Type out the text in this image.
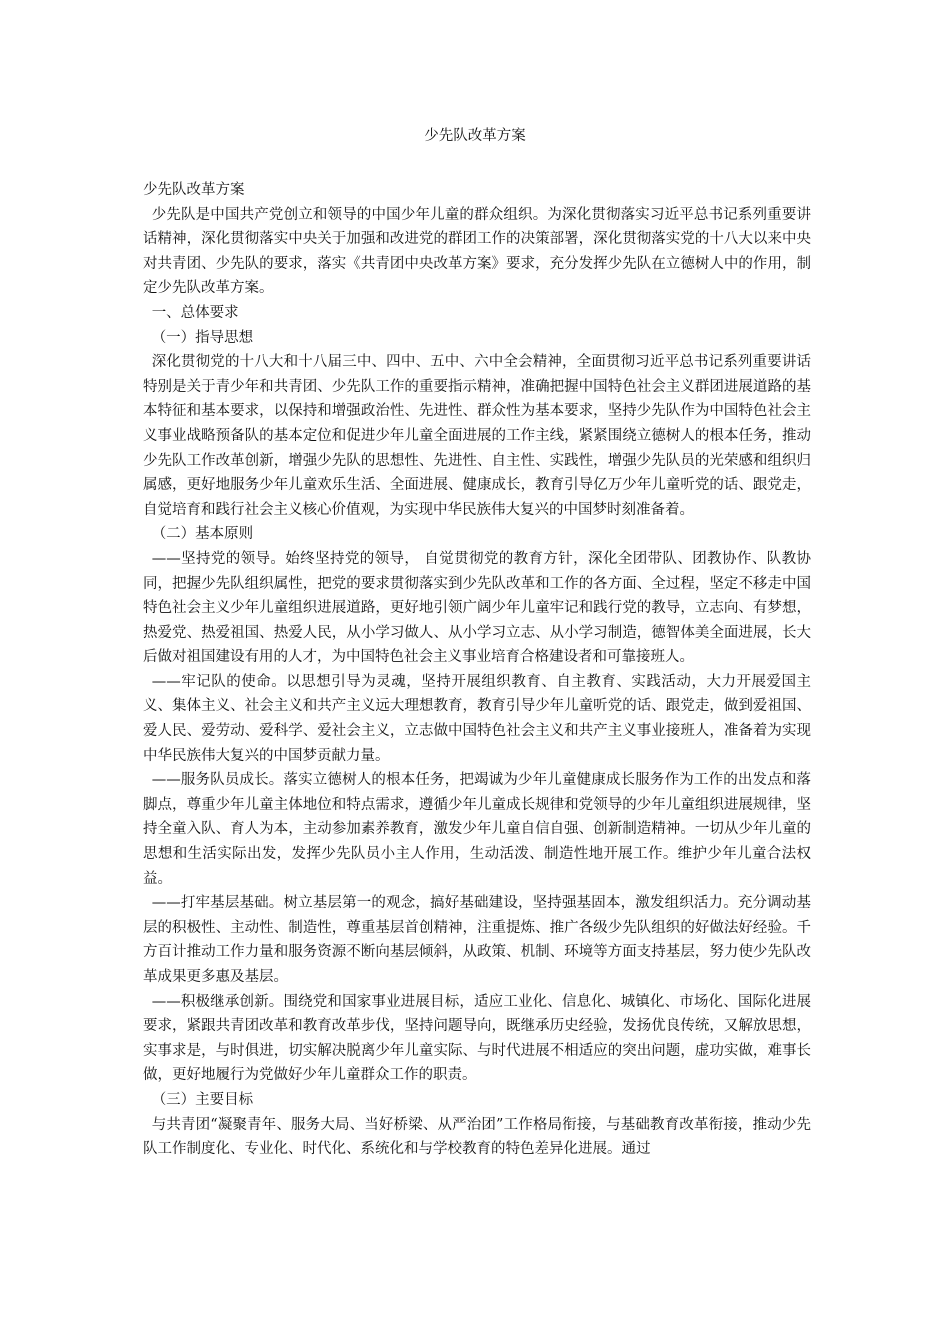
少先队改革方案

少先队改革方案

少先队是中国共产党创立和领导的中国少年儿童的群众组织。为深化贯彻落实习近平总书记系列重要讲话精神，深化贯彻落实中央关于加强和改进党的群团工作的决策部署，深化贯彻落实党的十八大以来中央对共青团、少先队的要求，落实《共青团中央改革方案》要求，充分发挥少先队在立德树人中的作用，制定少先队改革方案。

一、总体要求

（一）指导思想

深化贯彻党的十八大和十八届三中、四中、五中、六中全会精神，全面贯彻习近平总书记系列重要讲话特别是关于青少年和共青团、少先队工作的重要指示精神，准确把握中国特色社会主义群团进展道路的基本特征和基本要求，以保持和增强政治性、先进性、群众性为基本要求，坚持少先队作为中国特色社会主义事业战略预备队的基本定位和促进少年儿童全面进展的工作主线，紧紧围绕立德树人的根本任务，推动少先队工作改革创新，增强少先队的思想性、先进性、自主性、实践性，增强少先队员的光荣感和组织归属感，更好地服务少年儿童欢乐生活、全面进展、健康成长，教育引导亿万少年儿童听党的话、跟党走，自觉培育和践行社会主义核心价值观，为实现中华民族伟大复兴的中国梦时刻准备着。

（二）基本原则

——坚持党的领导。始终坚持党的领导， 自觉贯彻党的教育方针，深化全团带队、团教协作、队教协同，把握少先队组织属性，把党的要求贯彻落实到少先队改革和工作的各方面、全过程，坚定不移走中国特色社会主义少年儿童组织进展道路，更好地引领广阔少年儿童牢记和践行党的教导，立志向、有梦想，热爱党、热爱祖国、热爱人民，从小学习做人、从小学习立志、从小学习制造，德智体美全面进展，长大后做对祖国建设有用的人才，为中国特色社会主义事业培育合格建设者和可靠接班人。

——牢记队的使命。以思想引导为灵魂，坚持开展组织教育、自主教育、实践活动，大力开展爱国主义、集体主义、社会主义和共产主义远大理想教育，教育引导少年儿童听党的话、跟党走，做到爱祖国、爱人民、爱劳动、爱科学、爱社会主义，立志做中国特色社会主义和共产主义事业接班人，准备着为实现中华民族伟大复兴的中国梦贡献力量。

——服务队员成长。落实立德树人的根本任务，把竭诚为少年儿童健康成长服务作为工作的出发点和落脚点，尊重少年儿童主体地位和特点需求，遵循少年儿童成长规律和党领导的少年儿童组织进展规律，坚持全童入队、育人为本，主动参加素养教育，激发少年儿童自信自强、创新制造精神。一切从少年儿童的思想和生活实际出发，发挥少先队员小主人作用，生动活泼、制造性地开展工作。维护少年儿童合法权益。

——打牢基层基础。树立基层第一的观念，搞好基础建设，坚持强基固本，激发组织活力。充分调动基层的积极性、主动性、制造性，尊重基层首创精神，注重提炼、推广各级少先队组织的好做法好经验。千方百计推动工作力量和服务资源不断向基层倾斜，从政策、机制、环境等方面支持基层，努力使少先队改革成果更多惠及基层。

——积极继承创新。围绕党和国家事业进展目标，适应工业化、信息化、城镇化、市场化、国际化进展要求，紧跟共青团改革和教育改革步伐，坚持问题导向，既继承历史经验，发扬优良传统，又解放思想，实事求是，与时俱进，切实解决脱离少年儿童实际、与时代进展不相适应的突出问题，虚功实做，难事长做，更好地履行为党做好少年儿童群众工作的职责。

（三）主要目标

与共青团“凝聚青年、服务大局、当好桥梁、从严治团”工作格局衔接，与基础教育改革衔接，推动少先队工作制度化、专业化、时代化、系统化和与学校教育的特色差异化进展。通过
